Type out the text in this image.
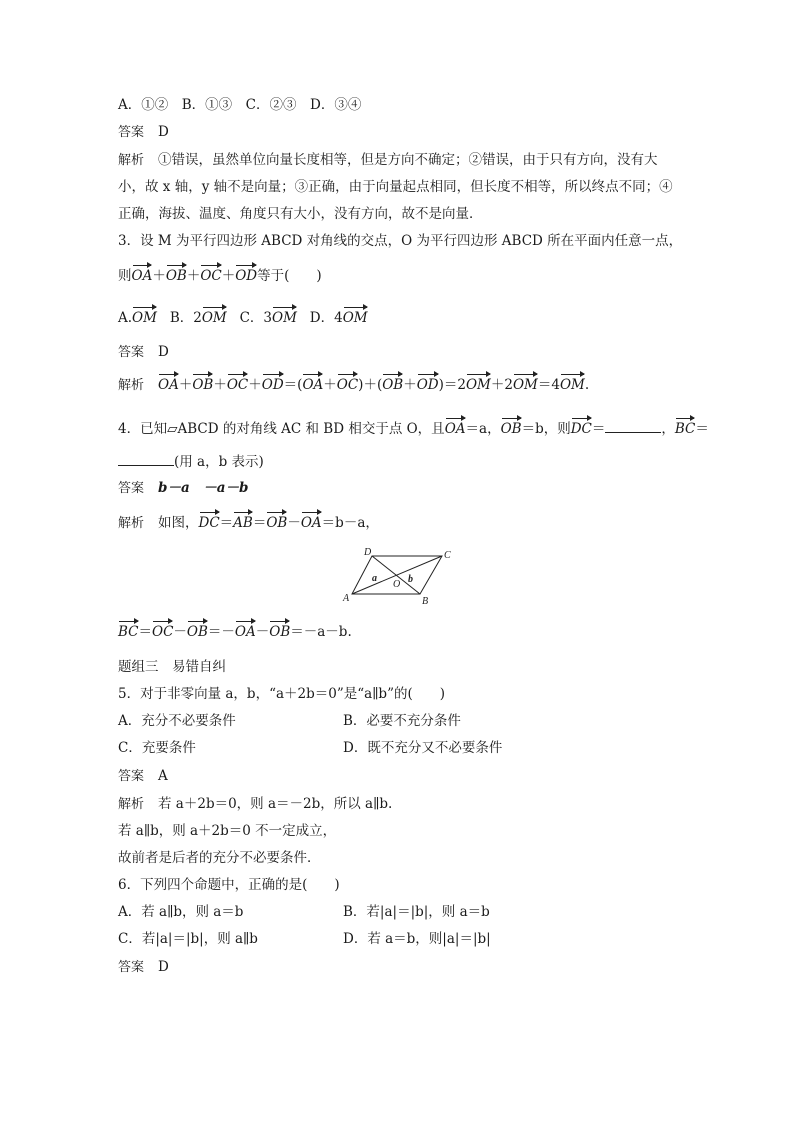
A．①②　B．①③　C．②③　D．③④
答案 D
解析 ①错误，虽然单位向量长度相等，但是方向不确定；②错误，由于只有方向，没有大
小，故 x 轴，y 轴不是向量；③正确，由于向量起点相同，但长度不相等，所以终点不同；④
正确，海拔、温度、角度只有大小，没有方向，故不是向量．
3．设 M 为平行四边形 ABCD 对角线的交点，O 为平行四边形 ABCD 所在平面内任意一点，
则OA＋OB＋OC＋OD等于(　　)
A.OM B．2OM C．3OM D．4OM
答案 D
解析 OA＋OB＋OC＋OD＝(OA＋OC)＋(OB＋OD)＝2OM＋2OM＝4OM.
4．已知▱ABCD 的对角线 AC 和 BD 相交于点 O，且OA＝a，OB＝b，则DC＝	，BC＝
(用 a，b 表示)
答案 b－a　－a－b
解析 如图，DC＝AB＝OB－OA＝b－a，
A	B
C
D
O
a	b
BC＝OC－OB＝－OA－OB＝－a－b.
题组三　易错自纠
5．对于非零向量 a，b，“a＋2b＝0”是“a∥b”的(　　)
A．充分不必要条件	B．必要不充分条件
C．充要条件	D．既不充分又不必要条件
答案 A
解析 若 a＋2b＝0，则 a＝－2b，所以 a∥b.
若 a∥b，则 a＋2b＝0 不一定成立，
故前者是后者的充分不必要条件．
6．下列四个命题中，正确的是(　　)
A．若 a∥b，则 a＝b	B．若|a|＝|b|，则 a＝b
C．若|a|＝|b|，则 a∥b	D．若 a＝b，则|a|＝|b|
答案 D
